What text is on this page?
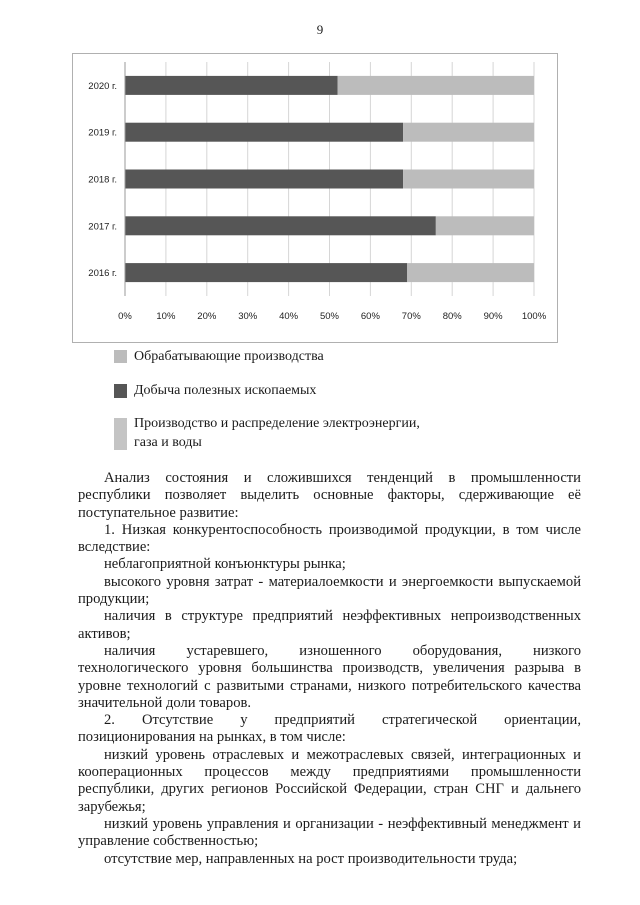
9
0%	10% 20% 30% 40% 50% 60% 70% 80% 90% 100%
2020 г.
2019 г.
2018 г.
2017 г.
2016 г.
Обрабатывающие производства
Добыча полезных ископаемых
Производство и распределение электроэнергии,
газа и воды

Анализ состояния и сложившихся тенденций в промышленности республики позволяет выделить основные факторы, сдерживающие её поступательное развитие:

1. Низкая конкурентоспособность производимой продукции, в том числе вследствие:

неблагоприятной конъюнктуры рынка;

высокого уровня затрат - материалоемкости и энергоемкости выпускаемой продукции;

наличия в структуре предприятий неэффективных непроизводственных активов;

наличия устаревшего, изношенного оборудования, низкого технологического уровня большинства производств, увеличения разрыва в уровне технологий с развитыми странами, низкого потребительского качества значительной доли товаров.

2. Отсутствие у предприятий стратегической ориентации, позиционирования на рынках, в том числе:

низкий уровень отраслевых и межотраслевых связей, интеграционных и кооперационных процессов между предприятиями промышленности республики, других регионов Российской Федерации, стран СНГ и дальнего зарубежья;

низкий уровень управления и организации - неэффективный менеджмент и управление собственностью;

отсутствие мер, направленных на рост производительности труда;
